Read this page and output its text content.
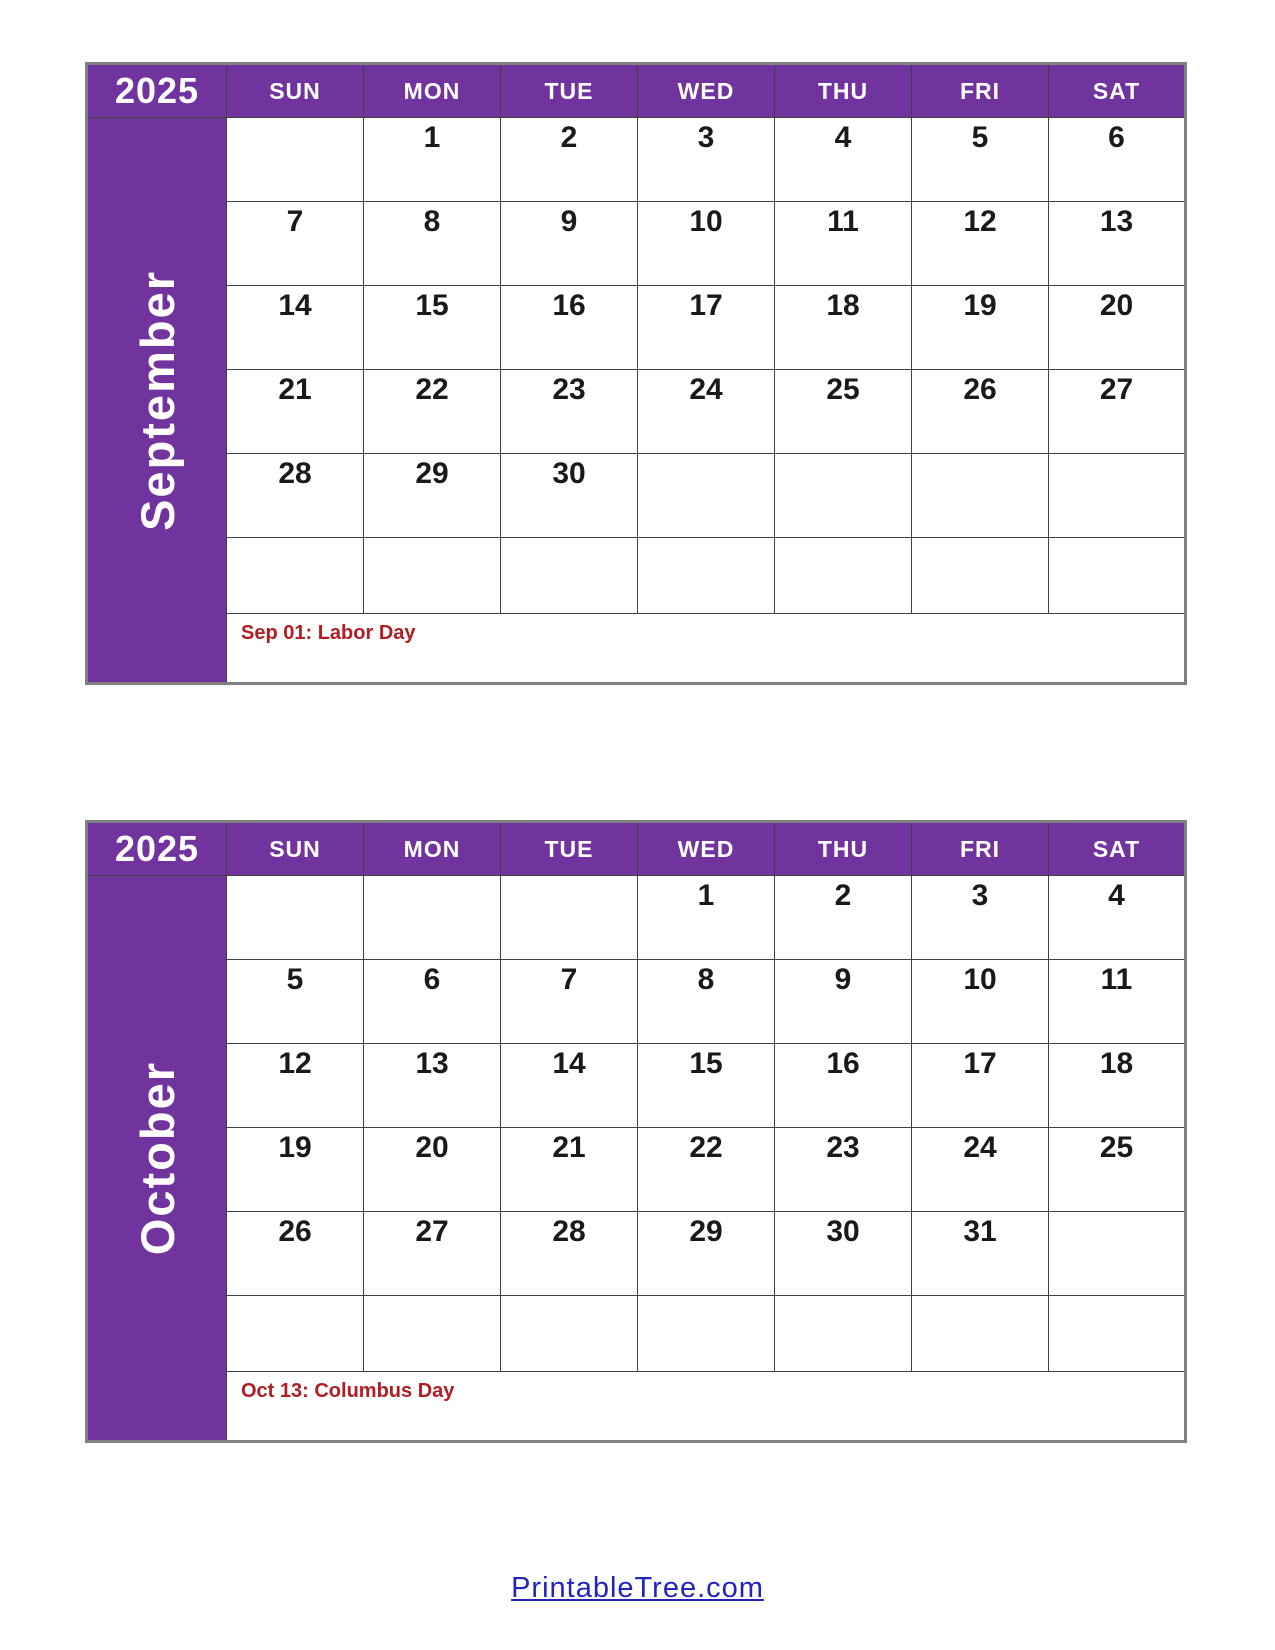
2025	SUN	MON	TUE	WED	THU	FRI	SAT

September		1	2	3	4	5	6
	7	8	9	10	11	12	13
	14	15	16	17	18	19	20
	21	22	23	24	25	26	27
	28	29	30				

	Sep 01: Labor Day						
2025	SUN	MON	TUE	WED	THU	FRI	SAT

October				1	2	3	4
	5	6	7	8	9	10	11
	12	13	14	15	16	17	18
	19	20	21	22	23	24	25
	26	27	28	29	30	31	

	Oct 13: Columbus Day						
PrintableTree.com
